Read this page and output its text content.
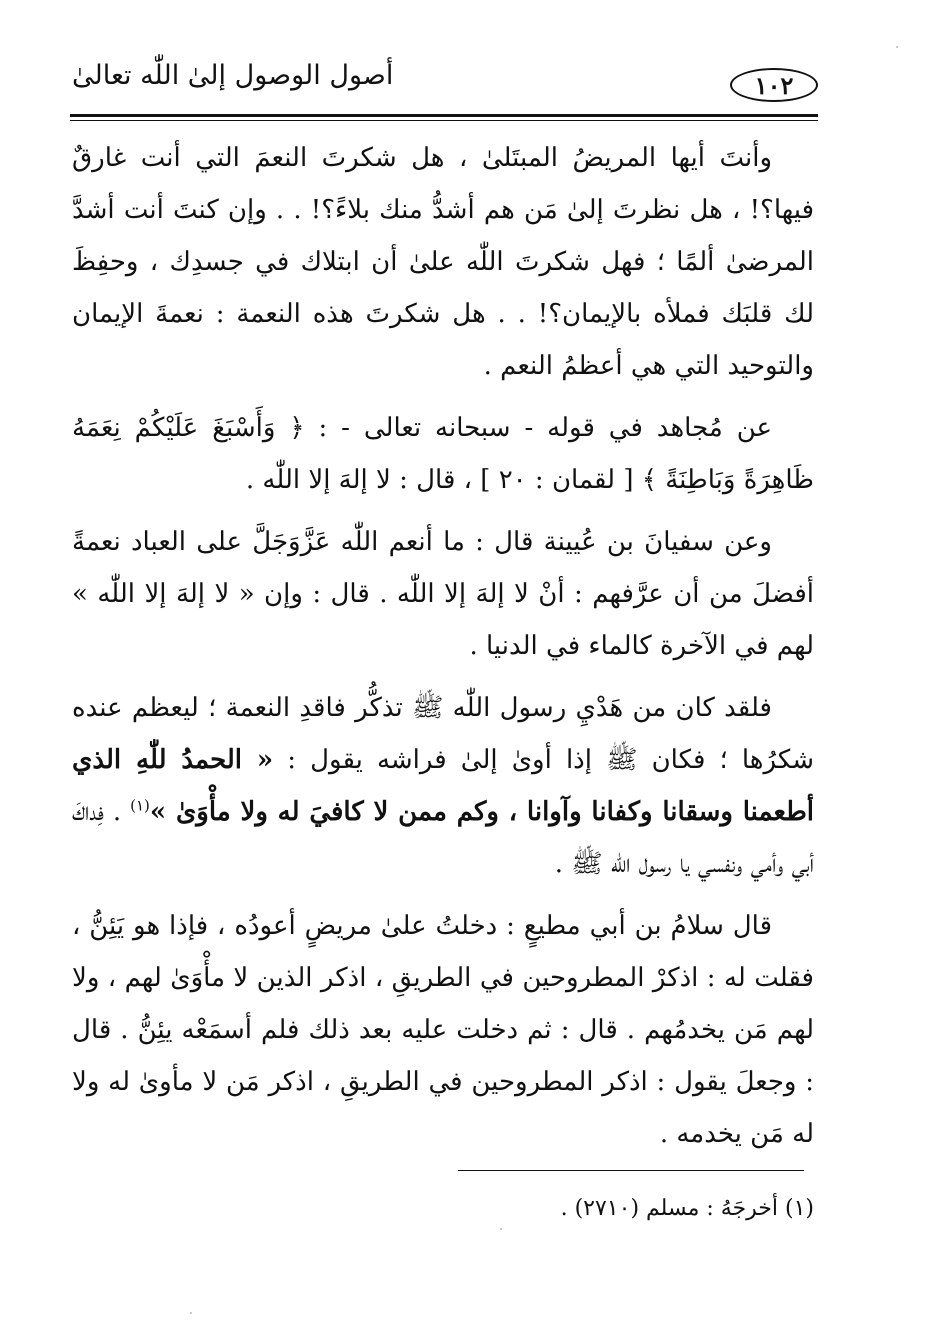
١٠٢
أصول الوصول إلىٰ اللّٰه تعالىٰ

وأنتَ أيها المريضُ المبتَلىٰ ، هل شكرتَ النعمَ التي أنت غارقٌ فيها؟! ، هل نظرتَ إلىٰ مَن هم أشدُّ منك بلاءً؟! . . وإن كنتَ أنت أشدَّ المرضىٰ ألمًا ؛ فهل شكرتَ اللّٰه علىٰ أن ابتلاك في جسدِك ، وحفِظَ لك قلبَك فملأه بالإيمان؟! . . هل شكرتَ هذه النعمة : نعمةَ الإيمان والتوحيد التي هي أعظمُ النعم .

عن مُجاهد في قوله - سبحانه تعالى - : ﴿ وَأَسْبَغَ عَلَيْكُمْ نِعَمَهُ ظَاهِرَةً وَبَاطِنَةً ﴾ [ لقمان : ٢٠ ] ، قال : لا إلهَ إلا اللّٰه .

وعن سفيانَ بن عُيينة قال : ما أنعم اللّٰه عَزَّوَجَلَّ على العباد نعمةً أفضلَ من أن عرَّفهم : أنْ لا إلهَ إلا اللّٰه . قال : وإن « لا إلهَ إلا اللّٰه » لهم في الآخرة كالماء في الدنيا .

فلقد كان من هَدْيِ رسول اللّٰه ﷺ تذكُّر فاقدِ النعمة ؛ ليعظم عنده شكرُها ؛ فكان ﷺ إذا أوىٰ إلىٰ فراشه يقول : « الحمدُ للّٰهِ الذي أطعمنا وسقانا وكفانا وآوانا ، وكم ممن لا كافيَ له ولا مأْوَىٰ »$^{(١)}$ . فِداكَ أبي وأمي ونفسي يا رسول اللّٰه ﷺ .

قال سلامُ بن أبي مطيعٍ : دخلتُ علىٰ مريضٍ أعودُه ، فإذا هو يَئِنُّ ، فقلت له : اذكرْ المطروحين في الطريقِ ، اذكر الذين لا مأْوَىٰ لهم ، ولا لهم مَن يخدمُهم . قال : ثم دخلت عليه بعد ذلك فلم أسمَعْه يئِنُّ . قال : وجعلَ يقول : اذكر المطروحين في الطريقِ ، اذكر مَن لا مأوىٰ له ولا له مَن يخدمه .

(١) أخرجَهُ : مسلم (٢٧١٠) .
